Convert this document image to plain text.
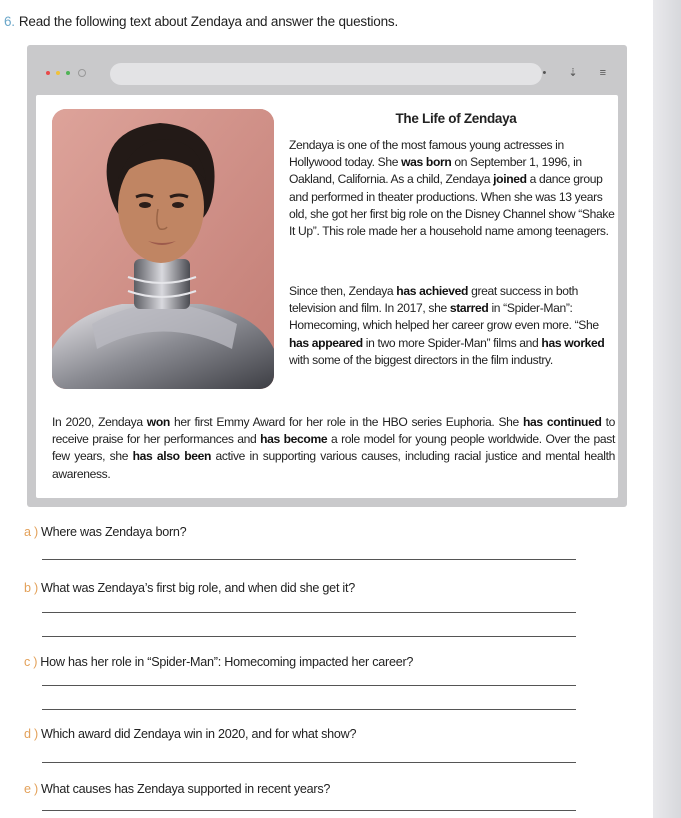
6. Read the following text about Zendaya and answer the questions.
• ⇣ ≡
The Life of Zendaya

Zendaya is one of the most famous young actresses in Hollywood today. She was born on September 1, 1996, in Oakland, California. As a child, Zendaya joined a dance group and performed in theater productions. When she was 13 years old, she got her first big role on the Disney Channel show “Shake It Up”. This role made her a household name among teenagers.

Since then, Zendaya has achieved great success in both television and film. In 2017, she starred in “Spider-Man”: Homecoming, which helped her career grow even more. “She has appeared in two more Spider-Man” films and has worked with some of the biggest directors in the film industry.

In 2020, Zendaya won her first Emmy Award for her role in the HBO series Euphoria. She has continued to receive praise for her performances and has become a role model for young people worldwide. Over the past few years, she has also been active in supporting various causes, including racial justice and mental health awareness.

a ) Where was Zendaya born?
b ) What was Zendaya’s first big role, and when did she get it?
c ) How has her role in “Spider-Man”: Homecoming impacted her career?
d ) Which award did Zendaya win in 2020, and for what show?
e ) What causes has Zendaya supported in recent years?
